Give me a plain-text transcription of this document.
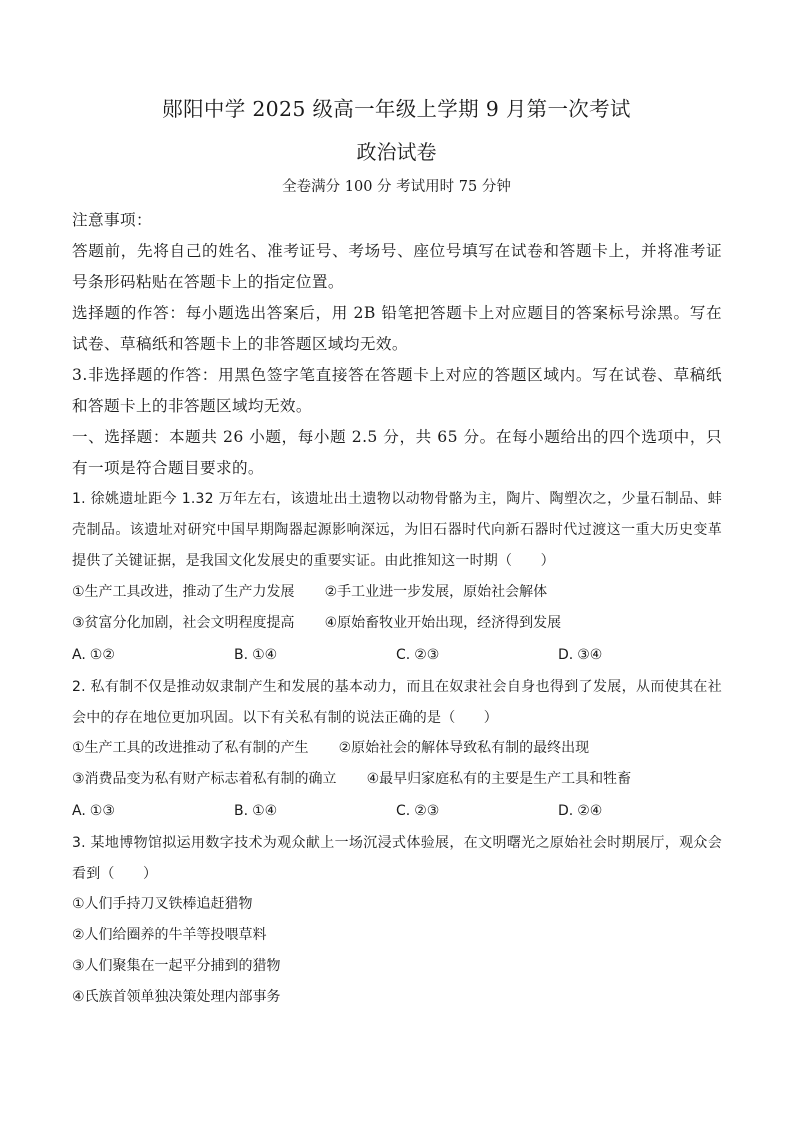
郧阳中学 2025 级高一年级上学期 9 月第一次考试
政治试卷
全卷满分 100 分 考试用时 75 分钟
注意事项：

答题前，先将自己的姓名、准考证号、考场号、座位号填写在试卷和答题卡上，并将准考证号条形码粘贴在答题卡上的指定位置。

选择题的作答：每小题选出答案后，用 2B 铅笔把答题卡上对应题目的答案标号涂黑。写在试卷、草稿纸和答题卡上的非答题区域均无效。

3.非选择题的作答：用黑色签字笔直接答在答题卡上对应的答题区域内。写在试卷、草稿纸和答题卡上的非答题区域均无效。

一、选择题：本题共 26 小题，每小题 2.5 分，共 65 分。在每小题给出的四个选项中，只有一项是符合题目要求的。

1. 徐姚遗址距今 1.32 万年左右，该遗址出土遗物以动物骨骼为主，陶片、陶塑次之，少量石制品、蚌壳制品。该遗址对研究中国早期陶器起源影响深远，为旧石器时代向新石器时代过渡这一重大历史变革提供了关键证据，是我国文化发展史的重要实证。由此推知这一时期（　　）

①生产工具改进，推动了生产力发展 ②手工业进一步发展，原始社会解体
③贫富分化加剧，社会文明程度提高 ④原始畜牧业开始出现，经济得到发展
A. ①②	B. ①④	C. ②③	D. ③④

2. 私有制不仅是推动奴隶制产生和发展的基本动力，而且在奴隶社会自身也得到了发展，从而使其在社会中的存在地位更加巩固。以下有关私有制的说法正确的是（　　）

①生产工具的改进推动了私有制的产生 ②原始社会的解体导致私有制的最终出现
③消费品变为私有财产标志着私有制的确立 ④最早归家庭私有的主要是生产工具和牲畜
A. ①③	B. ①④	C. ②③	D. ②④

3. 某地博物馆拟运用数字技术为观众献上一场沉浸式体验展，在文明曙光之原始社会时期展厅，观众会看到（　　）

①人们手持刀叉铁棒追赶猎物
②人们给圈养的牛羊等投喂草料
③人们聚集在一起平分捕到的猎物
④氏族首领单独决策处理内部事务
